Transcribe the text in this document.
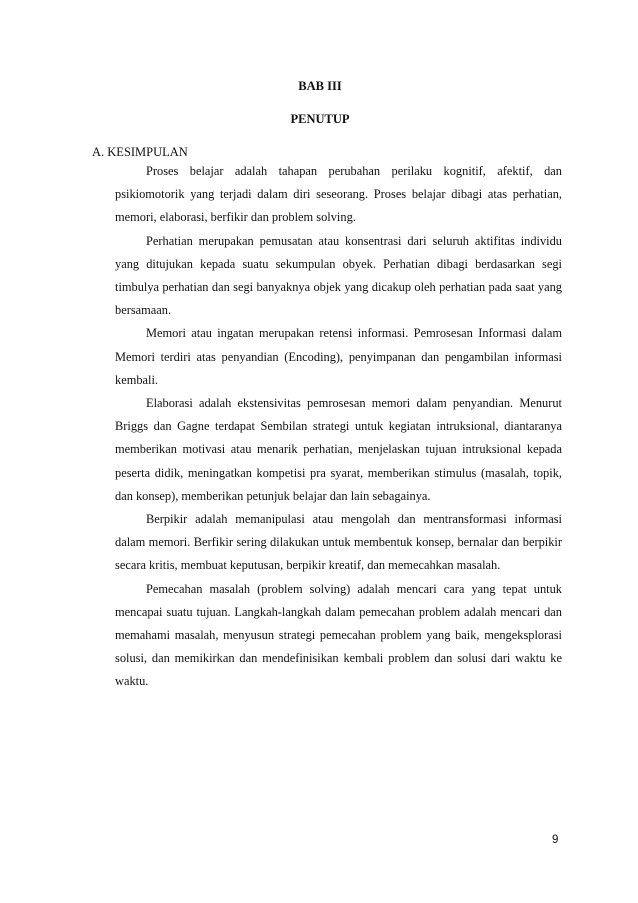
BAB III
PENUTUP
A. KESIMPULAN

Proses belajar adalah tahapan perubahan perilaku kognitif, afektif, dan psikiomotorik yang terjadi dalam diri seseorang. Proses belajar dibagi atas perhatian, memori, elaborasi, berfikir dan problem solving.

Perhatian merupakan pemusatan atau konsentrasi dari seluruh aktifitas individu yang ditujukan kepada suatu sekumpulan obyek. Perhatian dibagi berdasarkan segi timbulya perhatian dan segi banyaknya objek yang dicakup oleh perhatian pada saat yang bersamaan.

Memori atau ingatan merupakan retensi informasi. Pemrosesan Informasi dalam Memori terdiri atas penyandian (Encoding), penyimpanan dan pengambilan informasi kembali.

Elaborasi adalah ekstensivitas pemrosesan memori dalam penyandian. Menurut Briggs dan Gagne terdapat Sembilan strategi untuk kegiatan intruksional, diantaranya memberikan motivasi atau menarik perhatian, menjelaskan tujuan intruksional kepada peserta didik, meningatkan kompetisi pra syarat, memberikan stimulus (masalah, topik, dan konsep), memberikan petunjuk belajar dan lain sebagainya.

Berpikir adalah memanipulasi atau mengolah dan mentransformasi informasi dalam memori. Berfikir sering dilakukan untuk membentuk konsep, bernalar dan berpikir secara kritis, membuat keputusan, berpikir kreatif, dan memecahkan masalah.

Pemecahan masalah (problem solving) adalah mencari cara yang tepat untuk mencapai suatu tujuan. Langkah-langkah dalam pemecahan problem adalah mencari dan memahami masalah, menyusun strategi pemecahan problem yang baik, mengeksplorasi solusi, dan memikirkan dan mendefinisikan kembali problem dan solusi dari waktu ke waktu.

9
